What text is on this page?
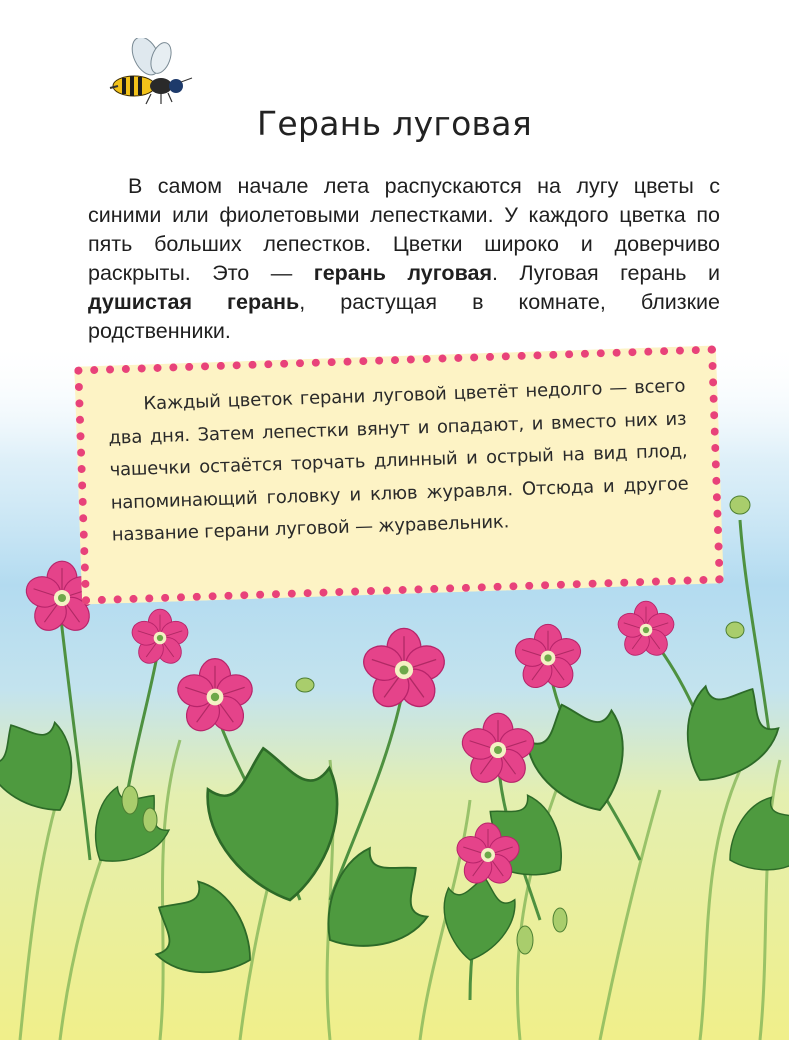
Герань луговая

В самом начале лета распускаются на лугу цветы с синими или фиолетовыми лепестками. У каждого цветка по пять больших лепестков. Цветки широко и доверчиво раскрыты. Это — герань луговая. Луговая герань и душистая герань, растущая в комнате, близкие родственники.

Каждый цветок герани луговой цветёт недолго — всего два дня. Затем лепестки вянут и опадают, и вместо них из чашечки остаётся торчать длинный и острый на вид плод, напоминающий головку и клюв журавля. Отсюда и другое название герани луговой — журавельник.
